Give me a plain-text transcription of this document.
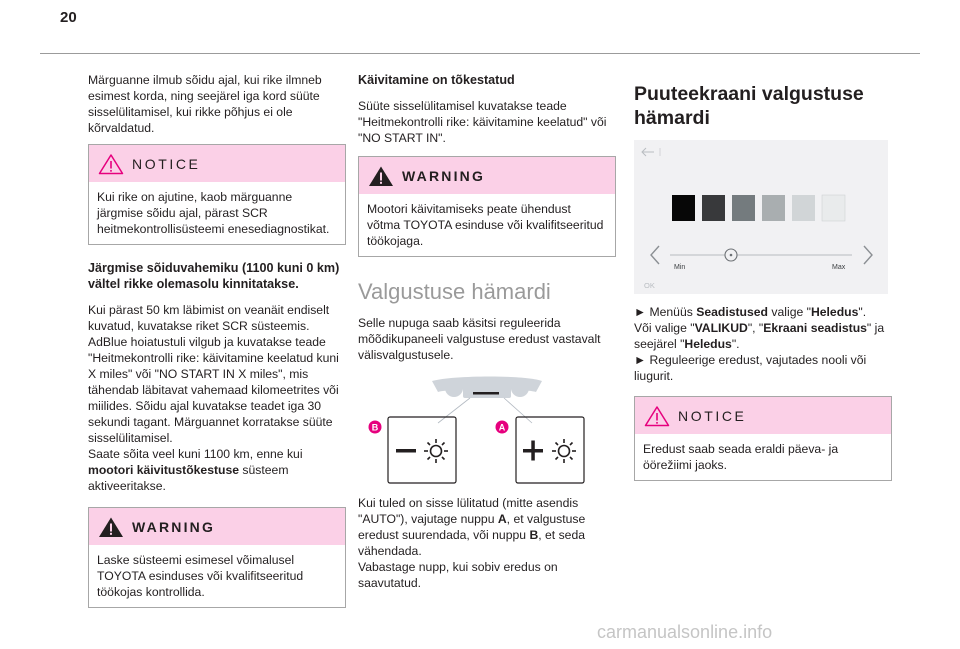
20

Märguanne ilmub sõidu ajal, kui rike ilmneb esimest korda, ning seejärel iga kord süüte sisselülitamisel, kui rikke põhjus ei ole kõrvaldatud.

NOTICE
Kui rike on ajutine, kaob märguanne järgmise sõidu ajal, pärast SCR heitmekontrollisüsteemi enesediagnostikat.
Järgmise sõiduvahemiku (1100 kuni 0 km) vältel rikke olemasolu kinnitatakse.

Kui pärast 50 km läbimist on veanäit endiselt kuvatud, kuvatakse riket SCR süsteemis. AdBlue hoiatustuli vilgub ja kuvatakse teade "Heitmekontrolli rike: käivitamine keelatud kuni X miles" või "NO START IN X miles", mis tähendab läbitavat vahemaad kilomeetrites või miilides. Sõidu ajal kuvatakse teadet iga 30 sekundi tagant. Märguannet korratakse süüte sisselülitamisel.

Saate sõita veel kuni 1100 km, enne kui mootori käivitustõkestuse süsteem aktiveeritakse.

WARNING
Laske süsteemi esimesel võimalusel TOYOTA esinduses või kvalifitseeritud töökojas kontrollida.
Käivitamine on tõkestatud

Süüte sisselülitamisel kuvatakse teade "Heitmekontrolli rike: käivitamine keelatud" või "NO START IN".

WARNING
Mootori käivitamiseks peate ühendust võtma TOYOTA esinduse või kvalifitseeritud töökojaga.
Valgustuse hämardi

Selle nupuga saab käsitsi reguleerida mõõdikupaneeli valgustuse eredust vastavalt välisvalgustusele.

B	A

Kui tuled on sisse lülitatud (mitte asendis "AUTO"), vajutage nuppu A, et valgustuse eredust suurendada, või nuppu B, et seda vähendada.

Vabastage nupp, kui sobiv eredus on saavutatud.

Puuteekraani valgustuse hämardi
Min	Max
OK

► Menüüs Seadistused valige "Heledus".

Või valige "VALIKUD", "Ekraani seadistus" ja

seejärel "Heledus".

► Reguleerige eredust, vajutades nooli või liugurit.

NOTICE
Eredust saab seada eraldi päeva- ja öörežiimi jaoks.
carmanualsonline.info
